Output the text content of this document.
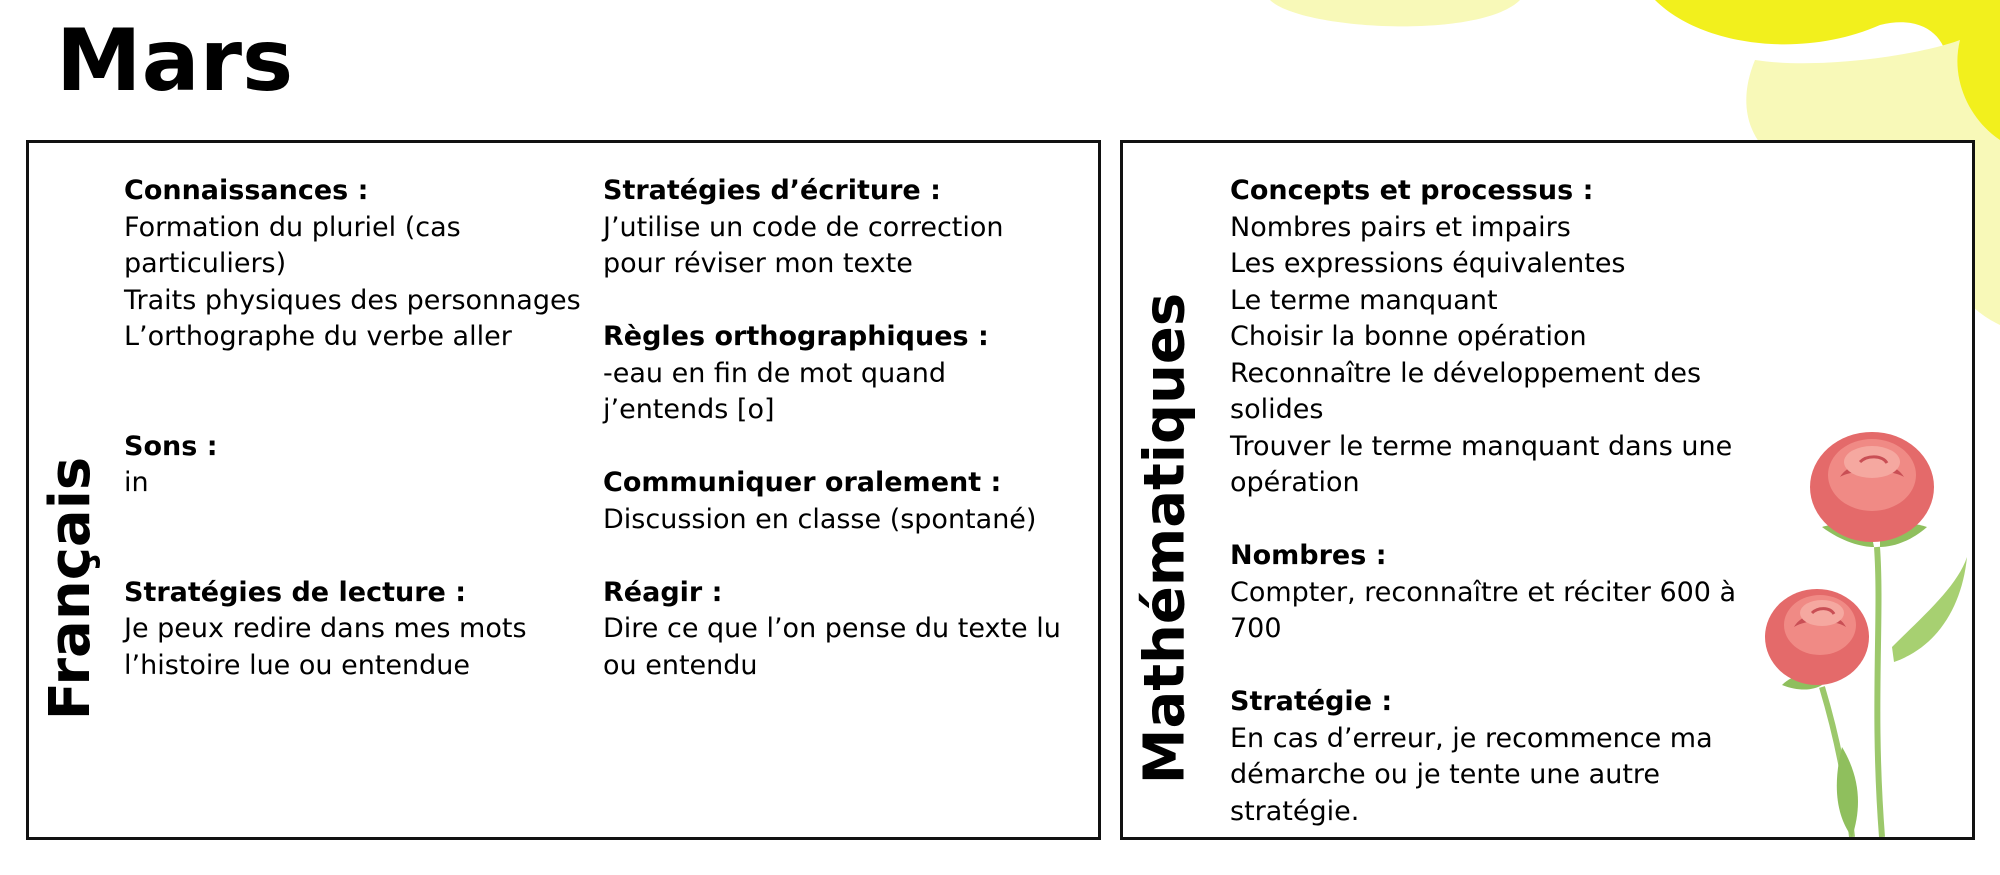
Mars
Français
Connaissances :
Formation du pluriel (cas
particuliers)
Traits physiques des personnages
L’orthographe du verbe aller
Sons :
in
Stratégies de lecture :
Je peux redire dans mes mots
l’histoire lue ou entendue
Stratégies d’écriture :
J’utilise un code de correction
pour réviser mon texte
Règles orthographiques :
-eau en fin de mot quand
j’entends [o]
Communiquer oralement :
Discussion en classe (spontané)
Réagir :
Dire ce que l’on pense du texte lu
ou entendu	Mathématiques
Concepts et processus :
Nombres pairs et impairs
Les expressions équivalentes
Le terme manquant
Choisir la bonne opération
Reconnaître le développement des
solides
Trouver le terme manquant dans une
opération
Nombres :
Compter, reconnaître et réciter 600 à
700
Stratégie :
En cas d’erreur, je recommence ma
démarche ou je tente une autre
stratégie.
